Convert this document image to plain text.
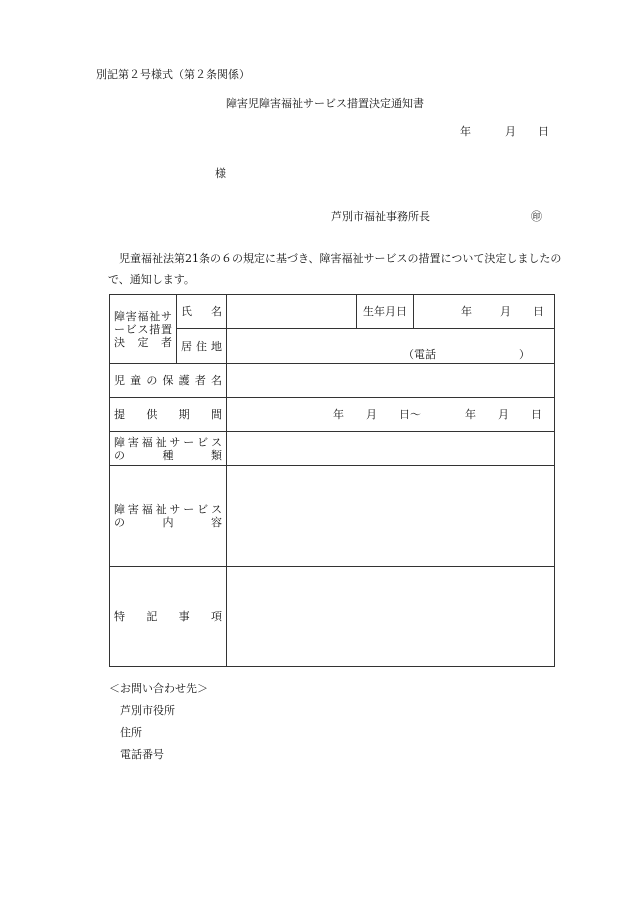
別記第２号様式（第２条関係）
障害児障害福祉サービス措置決定通知書
年	月 日
様
芦別市福祉事務所長	㊞
児童福祉法第21条の６の規定に基づき、障害福祉サービスの措置について決定しましたので、通知します。
障害福祉サービス措置決定者	氏 名		生年月日	年 月 日
	居住地	（電話 ）		

児童の保護者名				
提供期間		年　　月　　日～　　　　年　　月　　日		

障害福祉サービス
の種類				

障害福祉サービス
の内容				

特記事項				
＜お問い合わせ先＞
芦別市役所
住所
電話番号
